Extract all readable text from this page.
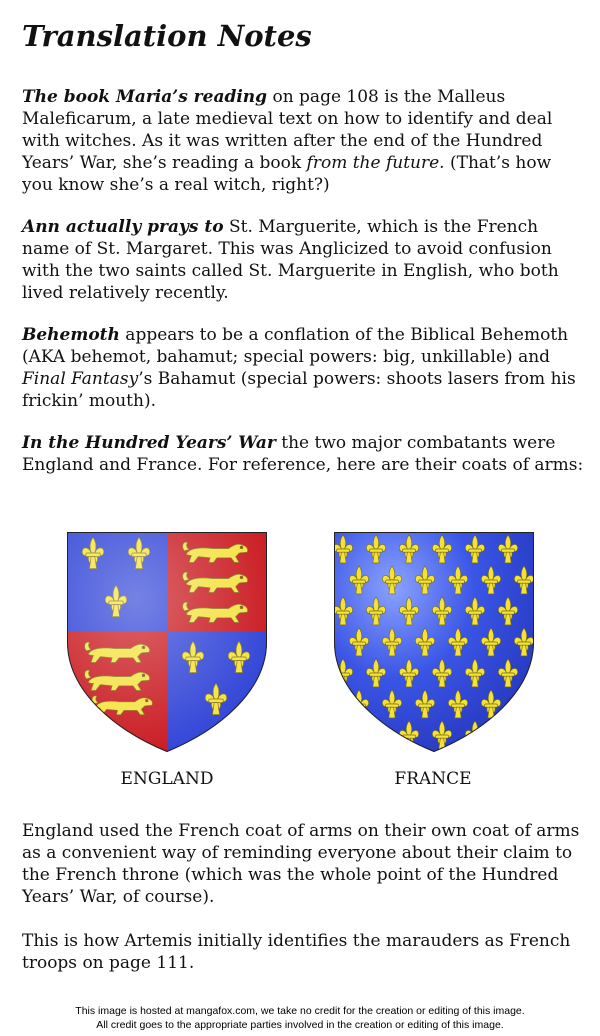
Translation Notes

The book Maria’s reading on page 108 is the Malleus Maleficarum, a late medieval text on how to identify and deal with witches. As it was written after the end of the Hundred Years’ War, she’s reading a book from the future. (That’s how you know she’s a real witch, right?)

Ann actually prays to St. Marguerite, which is the French name of St. Margaret. This was Anglicized to avoid confusion with the two saints called St. Marguerite in English, who both lived relatively recently.

Behemoth appears to be a conflation of the Biblical Behemoth (AKA behemot, bahamut; special powers: big, unkillable) and Final Fantasy’s Bahamut (special powers: shoots lasers from his frickin’ mouth).

In the Hundred Years’ War the two major combatants were England and France. For reference, here are their coats of arms:

ENGLAND	FRANCE

England used the French coat of arms on their own coat of arms as a convenient way of reminding everyone about their claim to the French throne (which was the whole point of the Hundred Years’ War, of course).

This is how Artemis initially identifies the marauders as French troops on page 111.

This image is hosted at mangafox.com, we take no credit for the creation or editing of this image.
All credit goes to the appropriate parties involved in the creation or editing of this image.
